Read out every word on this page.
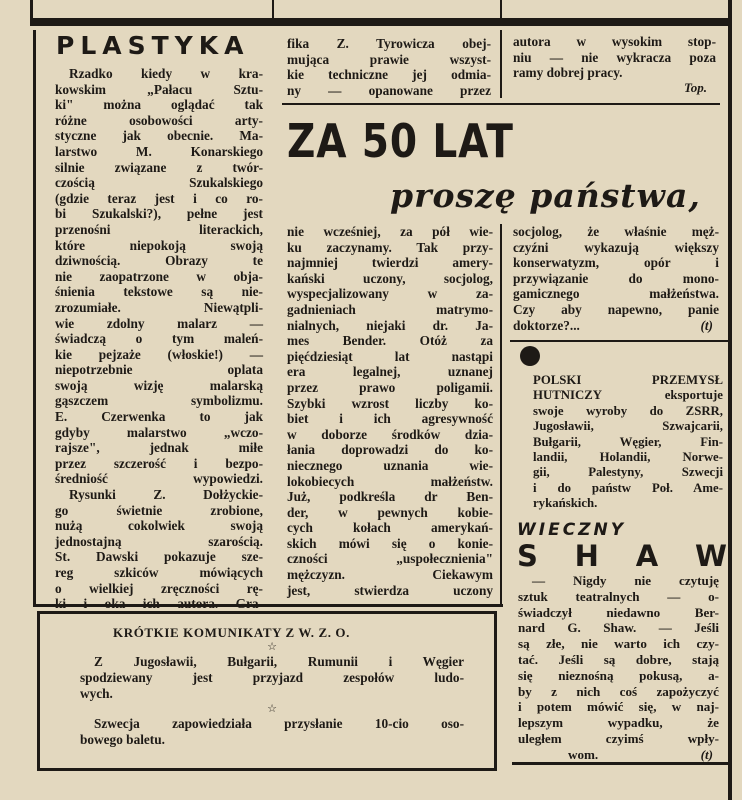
PLASTYKA
Rzadko kiedy w kra-
kowskim „Pałacu Sztu-
ki" można oglądać tak
różne osobowości arty-
styczne jak obecnie. Ma-
larstwo M. Konarskiego
silnie związane z twór-
czością Szukalskiego
(gdzie teraz jest i co ro-
bi Szukalski?), pełne jest
przenośni literackich,
które niepokoją swoją
dziwnością. Obrazy te
nie zaopatrzone w obja-
śnienia tekstowe są nie-
zrozumiałe. Niewątpli-
wie zdolny malarz —
świadczą o tym maleń-
kie pejzaże (włoskie!) —
niepotrzebnie oplata
swoją wizję malarską
gąszczem symbolizmu.
E. Czerwenka to jak
gdyby malarstwo „wczo-
rajsze", jednak miłe
przez szczerość i bezpo-
średniość wypowiedzi.
Rysunki Z. Dołżyckie-
go świetnie zrobione,
nużą cokolwiek swoją
jednostajną szarością.
St. Dawski pokazuje sze-
reg szkiców mówiących
o wielkiej zręczności rę-
fika Z. Tyrowicza obej-
mująca prawie wszyst-
kie techniczne jej odmia-
ny — opanowane przez
autora w wysokim stop-
niu — nie wykracza poza
ramy dobrej pracy.
Top.
ZA 50 LAT
proszę państwa,
nie wcześniej, za pół wie-
ku zaczynamy. Tak przy-
najmniej twierdzi amery-
kański uczony, socjolog,
wyspecjalizowany w za-
gadnieniach matrymo-
nialnych, niejaki dr. Ja-
mes Bender. Otóż za
pięćdziesiąt lat nastąpi
era legalnej, uznanej
przez prawo poligamii.
Szybki wzrost liczby ko-
biet i ich agresywność
w doborze środków dzia-
łania doprowadzi do ko-
niecznego uznania wie-
lokobiecych małżeństw.
Już, podkreśla dr Ben-
der, w pewnych kobie-
cych kołach amerykań-
skich mówi się o konie-
czności „uspołecznienia"
mężczyzn. Ciekawym
jest, stwierdza uczony
socjolog, że właśnie męż-
czyźni wykazują większy
konserwatyzm, opór i
przywiązanie do mono-
gamicznego małżeństwa.
Czy aby napewno, panie
doktorze?...	(t)
POLSKI PRZEMYSŁ
HUTNICZY eksportuje
swoje wyroby do ZSRR,
Jugosławii, Szwajcarii,
Bułgarii, Węgier, Fin-
landii, Holandii, Norwe-
gii, Palestyny, Szwecji
i do państw Poł. Ame-
rykańskich.
WIECZNY
S H A W
— Nigdy nie czytuję
sztuk teatralnych — o-
świadczył niedawno Ber-
nard G. Shaw. — Jeśli
są złe, nie warto ich czy-
tać. Jeśli są dobre, stają
się nieznośną pokusą, a-
by z nich coś zapożyczyć
i potem mówić się, w naj-
lepszym wypadku, że
uległem czyimś wpły-
wom.	(t)
KRÓTKIE KOMUNIKATY Z W. Z. O.
☆
Z Jugosławii, Bułgarii, Rumunii i Węgier
spodziewany jest przyjazd zespołów ludo-
wych.
☆
Szwecja zapowiedziała przysłanie 10-cio oso-
bowego baletu.
